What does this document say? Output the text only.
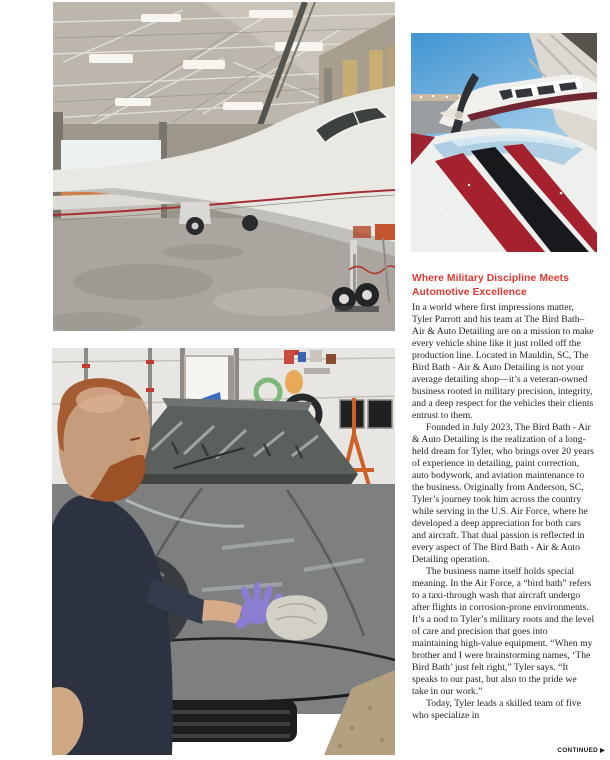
Where Military Discipline Meets
Automotive Excellence

In a world where first impressions matter, Tyler Parrott and his team at The Bird Bath– Air & Auto Detailing are on a mission to make every vehicle shine like it just rolled off the production line. Located in Mauldin, SC, The Bird Bath - Air & Auto Detailing is not your average detailing shop—it’s a veteran-owned business rooted in military precision, integrity, and a deep respect for the vehicles their clients entrust to them.

Founded in July 2023, The Bird Bath - Air & Auto Detailing is the realization of a long-held dream for Tyler, who brings over 20 years of experience in detailing, paint correction, auto bodywork, and aviation maintenance to the business. Originally from Anderson, SC, Tyler’s journey took him across the country while serving in the U.S. Air Force, where he developed a deep appreciation for both cars and aircraft. That dual passion is reflected in every aspect of The Bird Bath - Air & Auto Detailing operation.

The business name itself holds special meaning. In the Air Force, a “bird bath” refers to a taxi-through wash that aircraft undergo after flights in corrosion-prone environments. It’s a nod to Tyler’s military roots and the level of care and precision that goes into maintaining high-value equipment. “When my brother and I were brainstorming names, ‘The Bird Bath’ just felt right,” Tyler says. “It speaks to our past, but also to the pride we take in our work.”

Today, Tyler leads a skilled team of five who specialize in

CONTINUED ▶
